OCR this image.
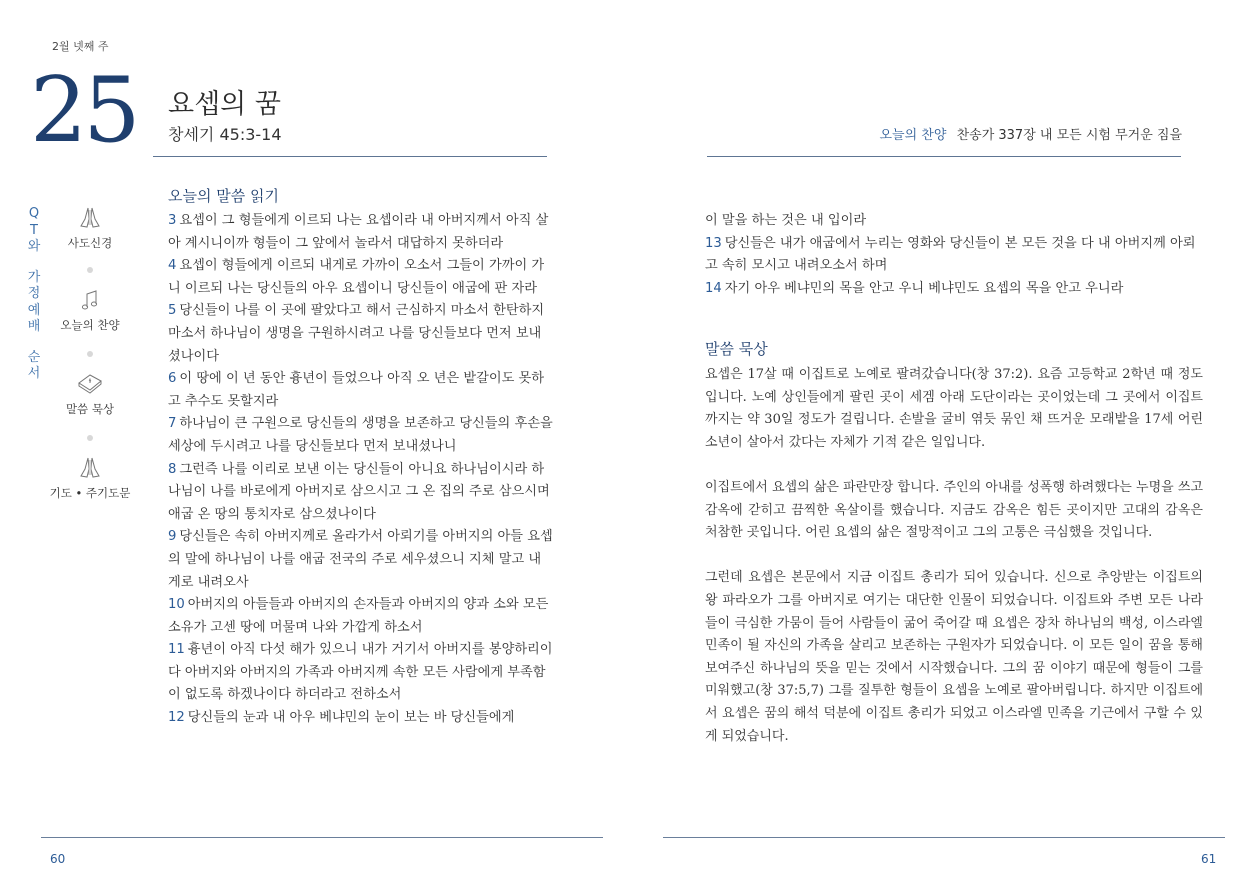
2월 넷째 주
25 요셉의 꿈
창세기 45:3-14
Q
T
와
가
정
예
배
순
서
사도신경
오늘의 찬양
말씀 묵상
기도 • 주기도문
오늘의 말씀 읽기
3 요셉이 그 형들에게 이르되 나는 요셉이라 내 아버지께서 아직 살아 계시니이까 형들이 그 앞에서 놀라서 대답하지 못하더라
4 요셉이 형들에게 이르되 내게로 가까이 오소서 그들이 가까이 가니 이르되 나는 당신들의 아우 요셉이니 당신들이 애굽에 판 자라
5 당신들이 나를 이 곳에 팔았다고 해서 근심하지 마소서 한탄하지 마소서 하나님이 생명을 구원하시려고 나를 당신들보다 먼저 보내셨나이다
6 이 땅에 이 년 동안 흉년이 들었으나 아직 오 년은 밭갈이도 못하고 추수도 못할지라
7 하나님이 큰 구원으로 당신들의 생명을 보존하고 당신들의 후손을 세상에 두시려고 나를 당신들보다 먼저 보내셨나니
8 그런즉 나를 이리로 보낸 이는 당신들이 아니요 하나님이시라 하나님이 나를 바로에게 아버지로 삼으시고 그 온 집의 주로 삼으시며 애굽 온 땅의 통치자로 삼으셨나이다
9 당신들은 속히 아버지께로 올라가서 아뢰기를 아버지의 아들 요셉의 말에 하나님이 나를 애굽 전국의 주로 세우셨으니 지체 말고 내게로 내려오사
10 아버지의 아들들과 아버지의 손자들과 아버지의 양과 소와 모든 소유가 고센 땅에 머물며 나와 가깝게 하소서
11 흉년이 아직 다섯 해가 있으니 내가 거기서 아버지를 봉양하리이다 아버지와 아버지의 가족과 아버지께 속한 모든 사람에게 부족함이 없도록 하겠나이다 하더라고 전하소서
12 당신들의 눈과 내 아우 베냐민의 눈이 보는 바 당신들에게
60
오늘의 찬양 찬송가 337장 내 모든 시험 무거운 짐을
이 말을 하는 것은 내 입이라
13 당신들은 내가 애굽에서 누리는 영화와 당신들이 본 모든 것을 다 내 아버지께 아뢰고 속히 모시고 내려오소서 하며
14 자기 아우 베냐민의 목을 안고 우니 베냐민도 요셉의 목을 안고 우니라
말씀 묵상

요셉은 17살 때 이집트로 노예로 팔려갔습니다(창 37:2). 요즘 고등학교 2학년 때 정도입니다. 노예 상인들에게 팔린 곳이 세겜 아래 도단이라는 곳이었는데 그 곳에서 이집트까지는 약 30일 정도가 걸립니다. 손발을 굴비 엮듯 묶인 채 뜨거운 모래밭을 17세 어린 소년이 살아서 갔다는 자체가 기적 같은 일입니다.

이집트에서 요셉의 삶은 파란만장 합니다. 주인의 아내를 성폭행 하려했다는 누명을 쓰고 감옥에 갇히고 끔찍한 옥살이를 했습니다. 지금도 감옥은 힘든 곳이지만 고대의 감옥은 처참한 곳입니다. 어린 요셉의 삶은 절망적이고 그의 고통은 극심했을 것입니다.

그런데 요셉은 본문에서 지금 이집트 총리가 되어 있습니다. 신으로 추앙받는 이집트의 왕 파라오가 그를 아버지로 여기는 대단한 인물이 되었습니다. 이집트와 주변 모든 나라들이 극심한 가뭄이 들어 사람들이 굶어 죽어갈 때 요셉은 장차 하나님의 백성, 이스라엘 민족이 될 자신의 가족을 살리고 보존하는 구원자가 되었습니다. 이 모든 일이 꿈을 통해 보여주신 하나님의 뜻을 믿는 것에서 시작했습니다. 그의 꿈 이야기 때문에 형들이 그를 미워했고(창 37:5,7) 그를 질투한 형들이 요셉을 노예로 팔아버립니다. 하지만 이집트에서 요셉은 꿈의 해석 덕분에 이집트 총리가 되었고 이스라엘 민족을 기근에서 구할 수 있게 되었습니다.

61
